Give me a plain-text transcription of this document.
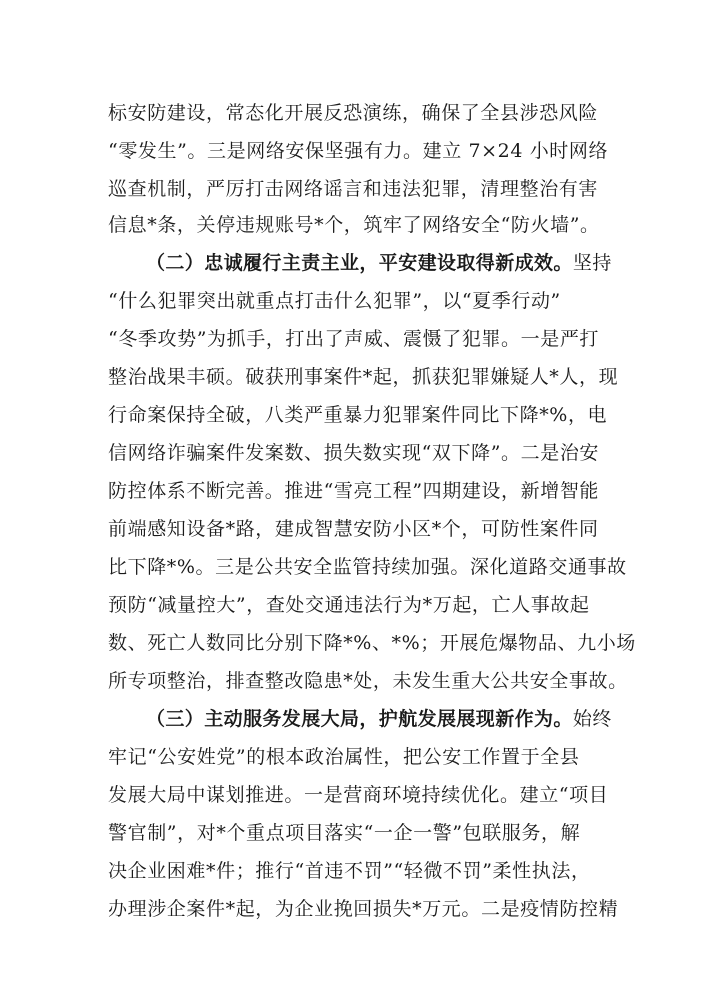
标安防建设，常态化开展反恐演练，确保了全县涉恐风险
“零发生”。三是网络安保坚强有力。建立 7×24 小时网络
巡查机制，严厉打击网络谣言和违法犯罪，清理整治有害
信息*条，关停违规账号*个，筑牢了网络安全“防火墙”。
（二）忠诚履行主责主业，平安建设取得新成效。坚持
“什么犯罪突出就重点打击什么犯罪”，以“夏季行动”
“冬季攻势”为抓手，打出了声威、震慑了犯罪。一是严打
整治战果丰硕。破获刑事案件*起，抓获犯罪嫌疑人*人，现
行命案保持全破，八类严重暴力犯罪案件同比下降*%，电
信网络诈骗案件发案数、损失数实现“双下降”。二是治安
防控体系不断完善。推进“雪亮工程”四期建设，新增智能
前端感知设备*路，建成智慧安防小区*个，可防性案件同
比下降*%。三是公共安全监管持续加强。深化道路交通事故
预防“减量控大”，查处交通违法行为*万起，亡人事故起
数、死亡人数同比分别下降*%、*%；开展危爆物品、九小场
所专项整治，排查整改隐患*处，未发生重大公共安全事故。
（三）主动服务发展大局，护航发展展现新作为。始终
牢记“公安姓党”的根本政治属性，把公安工作置于全县
发展大局中谋划推进。一是营商环境持续优化。建立“项目
警官制”，对*个重点项目落实“一企一警”包联服务，解
决企业困难*件；推行“首违不罚”“轻微不罚”柔性执法，
办理涉企案件*起，为企业挽回损失*万元。二是疫情防控精
